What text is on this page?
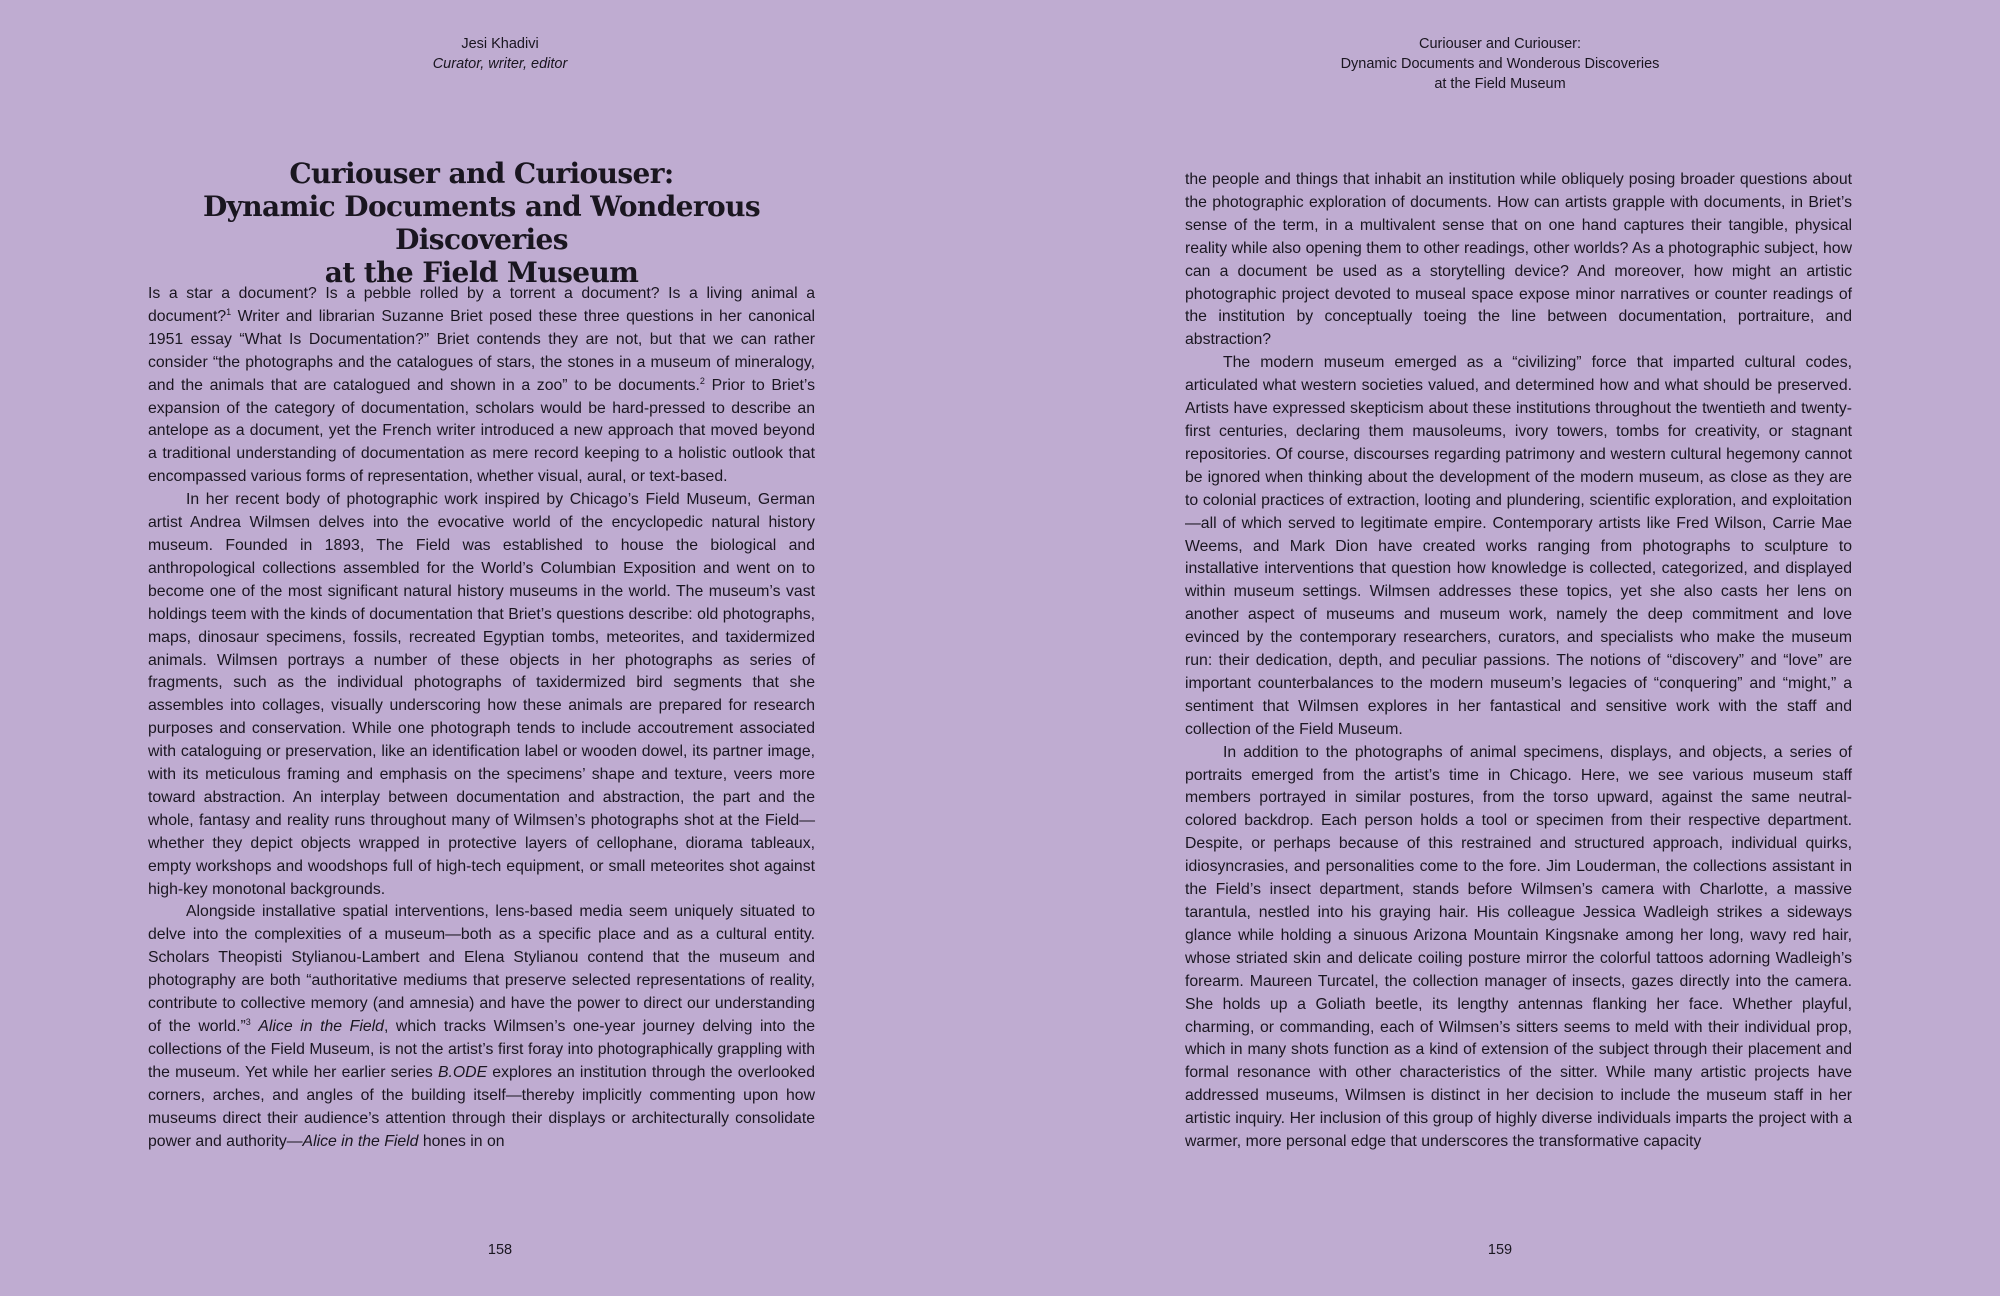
Jesi Khadivi
Curator, writer, editor
Curiouser and Curiouser:
Dynamic Documents and Wonderous Discoveries
at the Field Museum

Is a star a document? Is a pebble rolled by a torrent a document? Is a living animal a document?$^1$ Writer and librarian Suzanne Briet posed these three questions in her canonical 1951 essay “What Is Documentation?” Briet contends they are not, but that we can rather consider “the photographs and the catalogues of stars, the stones in a museum of mineralogy, and the animals that are catalogued and shown in a zoo” to be documents.$^2$ Prior to Briet’s expansion of the category of documentation, scholars would be hard-pressed to describe an antelope as a document, yet the French writer introduced a new approach that moved beyond a traditional understanding of documentation as mere record keeping to a holistic outlook that encompassed various forms of representation, whether visual, aural, or text-based.

In her recent body of photographic work inspired by Chicago’s Field Museum, German artist Andrea Wilmsen delves into the evocative world of the encyclopedic natural history museum. Founded in 1893, The Field was established to house the biological and anthropological collections assembled for the World’s Columbian Exposition and went on to become one of the most significant natural history museums in the world. The museum’s vast holdings teem with the kinds of documentation that Briet’s questions describe: old photographs, maps, dinosaur specimens, fossils, recreated Egyptian tombs, meteorites, and taxidermized animals. Wilmsen portrays a number of these objects in her photographs as series of fragments, such as the individual photographs of taxidermized bird segments that she assembles into collages, visually underscoring how these animals are prepared for research purposes and conservation. While one photograph tends to include accoutrement associated with cataloguing or preservation, like an identification label or wooden dowel, its partner image, with its meticulous framing and emphasis on the specimens’ shape and texture, veers more toward abstraction. An interplay between documentation and abstraction, the part and the whole, fantasy and reality runs throughout many of Wilmsen’s photographs shot at the Field—whether they depict objects wrapped in protective layers of cellophane, diorama tableaux, empty workshops and woodshops full of high-tech equipment, or small meteorites shot against high-key monotonal backgrounds.

Alongside installative spatial interventions, lens-based media seem uniquely situated to delve into the complexities of a museum—both as a specific place and as a cultural entity. Scholars Theopisti Stylianou-Lambert and Elena Stylianou contend that the museum and photography are both “authoritative mediums that preserve selected representations of reality, contribute to collective memory (and amnesia) and have the power to direct our understanding of the world.”$^3$ Alice in the Field, which tracks Wilmsen’s one-year journey delving into the collections of the Field Museum, is not the artist’s first foray into photographically grappling with the museum. Yet while her earlier series B.ODE explores an institution through the overlooked corners, arches, and angles of the building itself—thereby implicitly commenting upon how museums direct their audience’s attention through their displays or architecturally consolidate power and authority—Alice in the Field hones in on

158
Curiouser and Curiouser:
Dynamic Documents and Wonderous Discoveries
at the Field Museum

the people and things that inhabit an institution while obliquely posing broader questions about the photographic exploration of documents. How can artists grapple with documents, in Briet’s sense of the term, in a multivalent sense that on one hand captures their tangible, physical reality while also opening them to other readings, other worlds? As a photographic subject, how can a document be used as a storytelling device? And moreover, how might an artistic photographic project devoted to museal space expose minor narratives or counter readings of the institution by conceptually toeing the line between documentation, portraiture, and abstraction?

The modern museum emerged as a “civilizing” force that imparted cultural codes, articulated what western societies valued, and determined how and what should be preserved. Artists have expressed skepticism about these institutions throughout the twentieth and twenty-first centuries, declaring them mausoleums, ivory towers, tombs for creativity, or stagnant repositories. Of course, discourses regarding patrimony and western cultural hegemony cannot be ignored when thinking about the development of the modern museum, as close as they are to colonial practices of extraction, looting and plundering, scientific exploration, and exploitation—all of which served to legitimate empire. Contemporary artists like Fred Wilson, Carrie Mae Weems, and Mark Dion have created works ranging from photographs to sculpture to installative interventions that question how knowledge is collected, categorized, and displayed within museum settings. Wilmsen addresses these topics, yet she also casts her lens on another aspect of museums and museum work, namely the deep commitment and love evinced by the contemporary researchers, curators, and specialists who make the museum run: their dedication, depth, and peculiar passions. The notions of “discovery” and “love” are important counterbalances to the modern museum’s legacies of “conquering” and “might,” a sentiment that Wilmsen explores in her fantastical and sensitive work with the staff and collection of the Field Museum.

In addition to the photographs of animal specimens, displays, and objects, a series of portraits emerged from the artist’s time in Chicago. Here, we see various museum staff members portrayed in similar postures, from the torso upward, against the same neutral-colored backdrop. Each person holds a tool or specimen from their respective department. Despite, or perhaps because of this restrained and structured approach, individual quirks, idiosyncrasies, and personalities come to the fore. Jim Louderman, the collections assistant in the Field’s insect department, stands before Wilmsen’s camera with Charlotte, a massive tarantula, nestled into his graying hair. His colleague Jessica Wadleigh strikes a sideways glance while holding a sinuous Arizona Mountain Kingsnake among her long, wavy red hair, whose striated skin and delicate coiling posture mirror the colorful tattoos adorning Wadleigh’s forearm. Maureen Turcatel, the collection manager of insects, gazes directly into the camera. She holds up a Goliath beetle, its lengthy antennas flanking her face. Whether playful, charming, or commanding, each of Wilmsen’s sitters seems to meld with their individual prop, which in many shots function as a kind of extension of the subject through their placement and formal resonance with other characteristics of the sitter. While many artistic projects have addressed museums, Wilmsen is distinct in her decision to include the museum staff in her artistic inquiry. Her inclusion of this group of highly diverse individuals imparts the project with a warmer, more personal edge that underscores the transformative capacity

159
